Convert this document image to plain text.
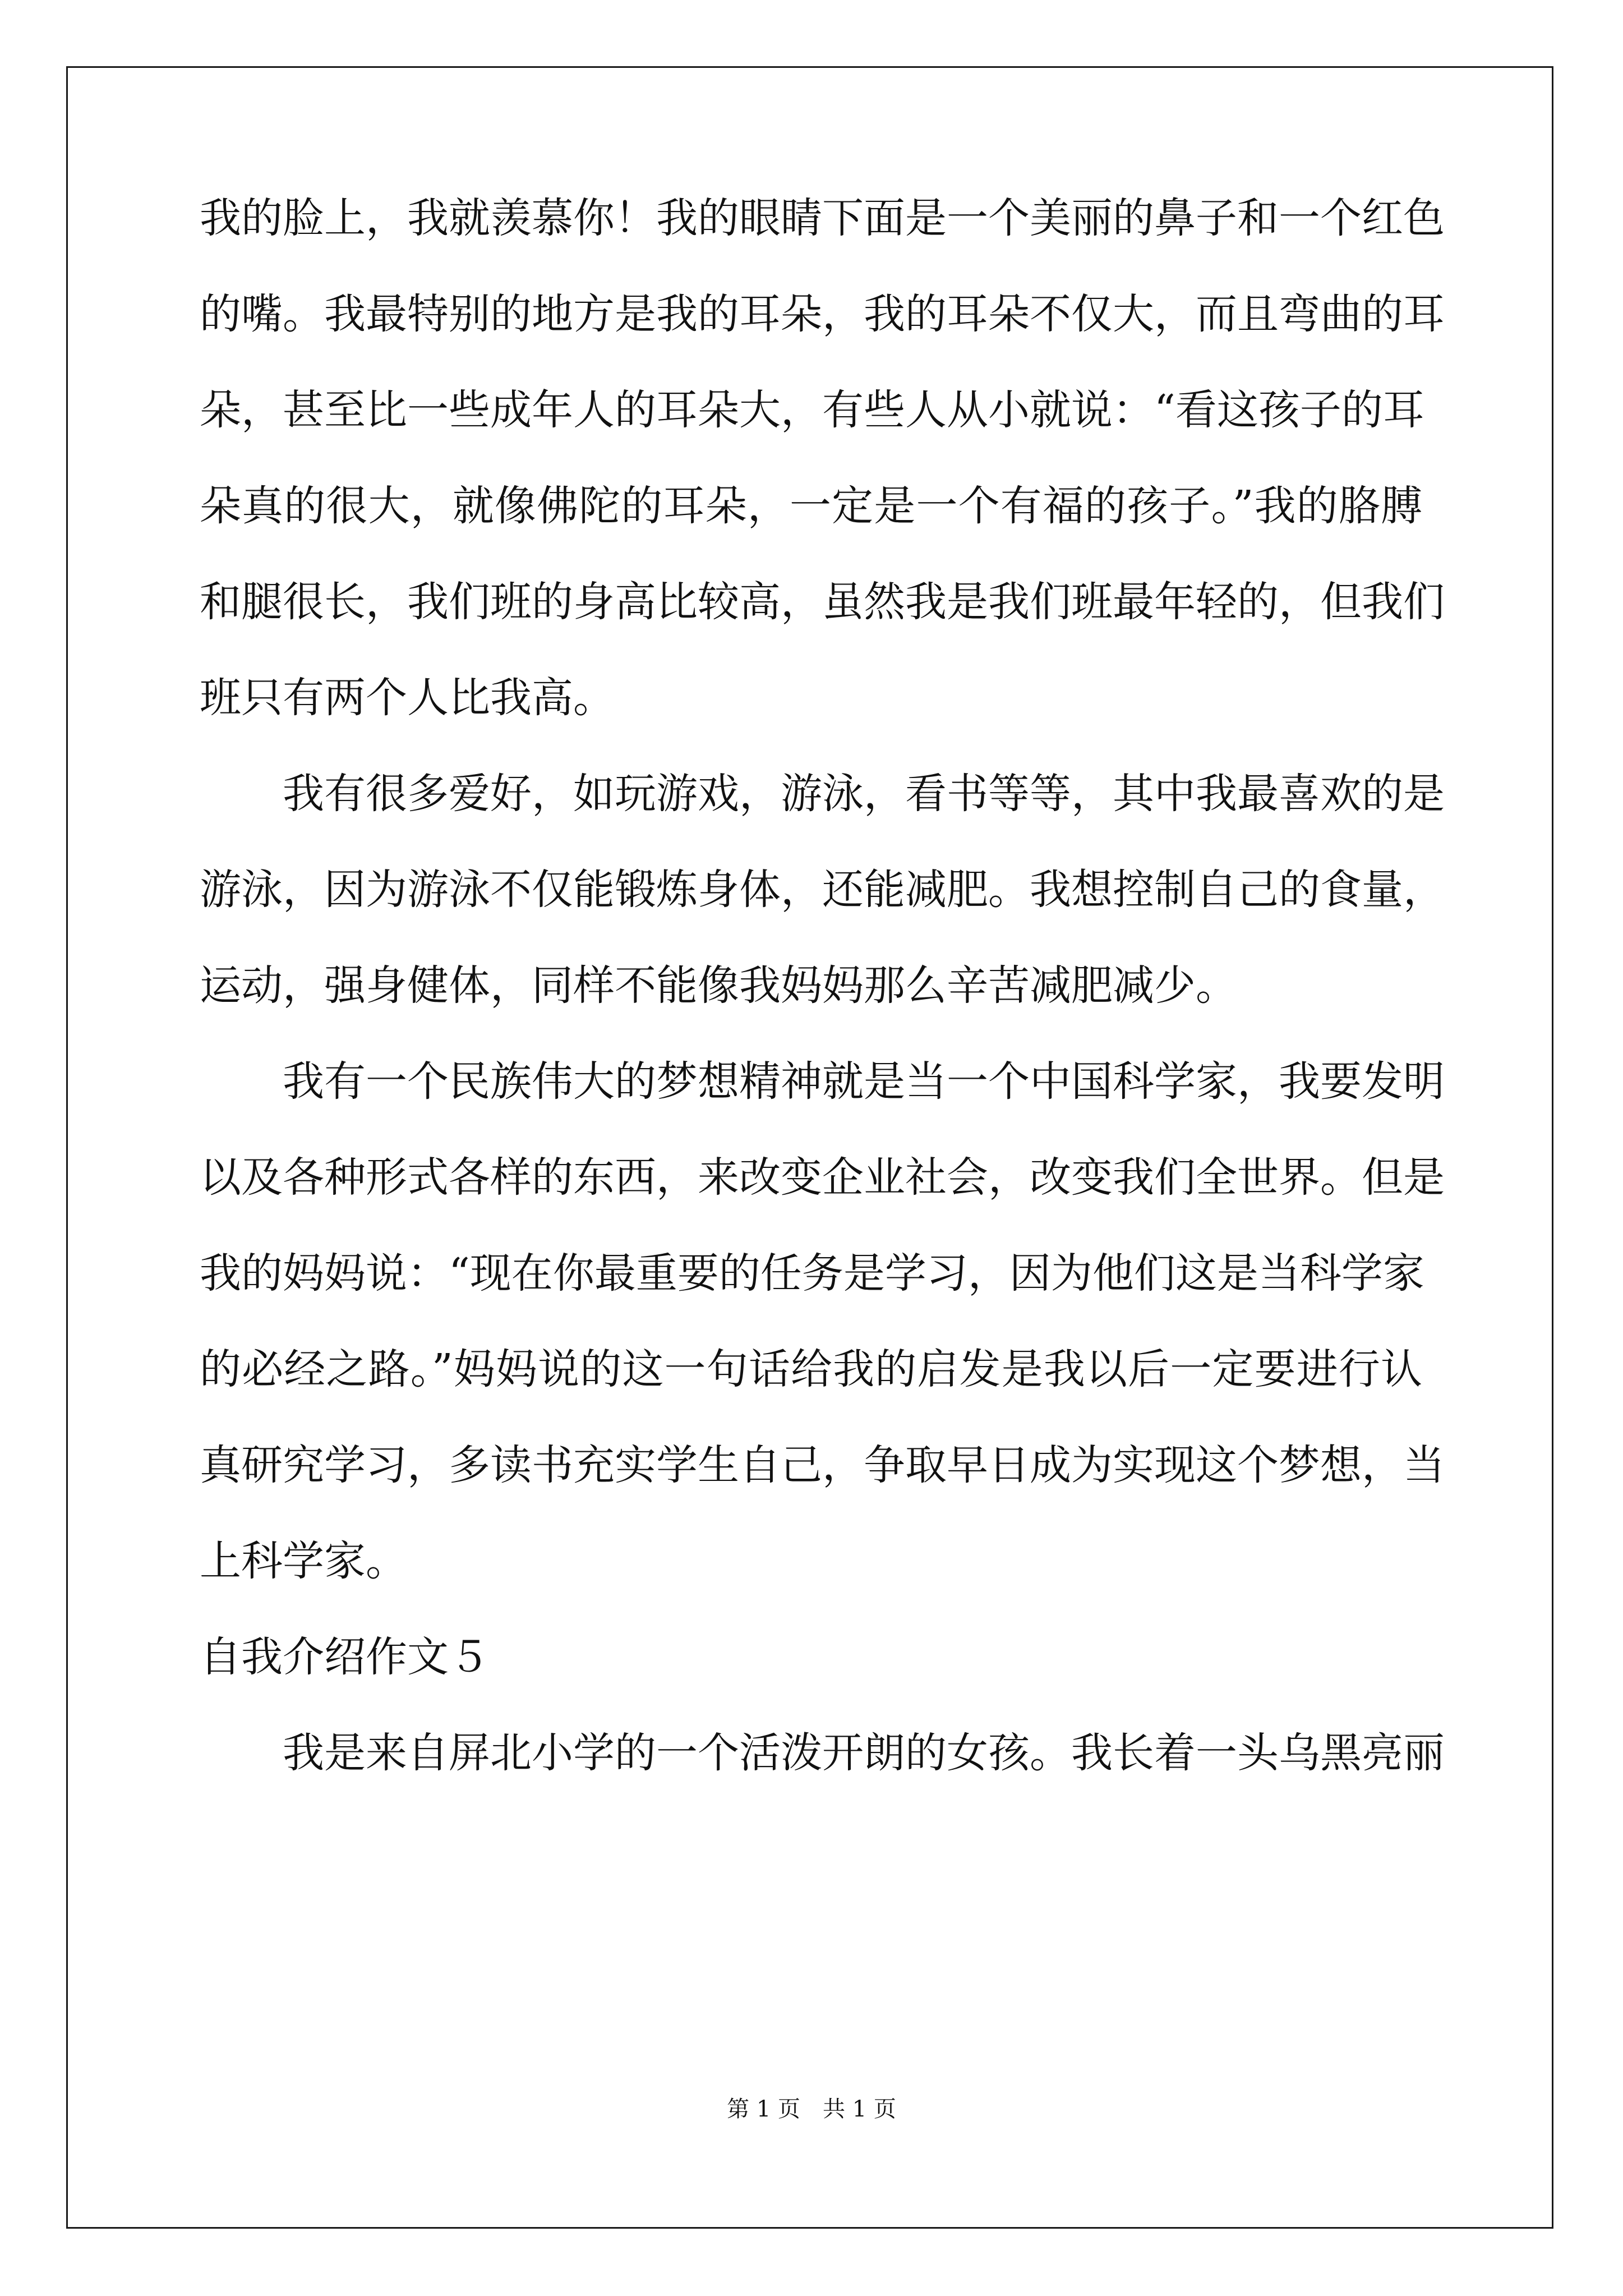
我的脸上，我就羡慕你！我的眼睛下面是一个美丽的鼻子和一个红色
的嘴。我最特别的地方是我的耳朵，我的耳朵不仅大，而且弯曲的耳
朵，甚至比一些成年人的耳朵大，有些人从小就说：“看这孩子的耳
朵真的很大，就像佛陀的耳朵，一定是一个有福的孩子。”我的胳膊
和腿很长，我们班的身高比较高，虽然我是我们班最年轻的，但我们
班只有两个人比我高。
我有很多爱好，如玩游戏，游泳，看书等等，其中我最喜欢的是
游泳，因为游泳不仅能锻炼身体，还能减肥。我想控制自己的食量，
运动，强身健体，同样不能像我妈妈那么辛苦减肥减少。
我有一个民族伟大的梦想精神就是当一个中国科学家，我要发明
以及各种形式各样的东西，来改变企业社会，改变我们全世界。但是
我的妈妈说：“现在你最重要的任务是学习，因为他们这是当科学家
的必经之路。”妈妈说的这一句话给我的启发是我以后一定要进行认
真研究学习，多读书充实学生自己，争取早日成为实现这个梦想，当
上科学家。
自我介绍作文５
我是来自屏北小学的一个活泼开朗的女孩。我长着一头乌黑亮丽
第 1 页　共 1 页
